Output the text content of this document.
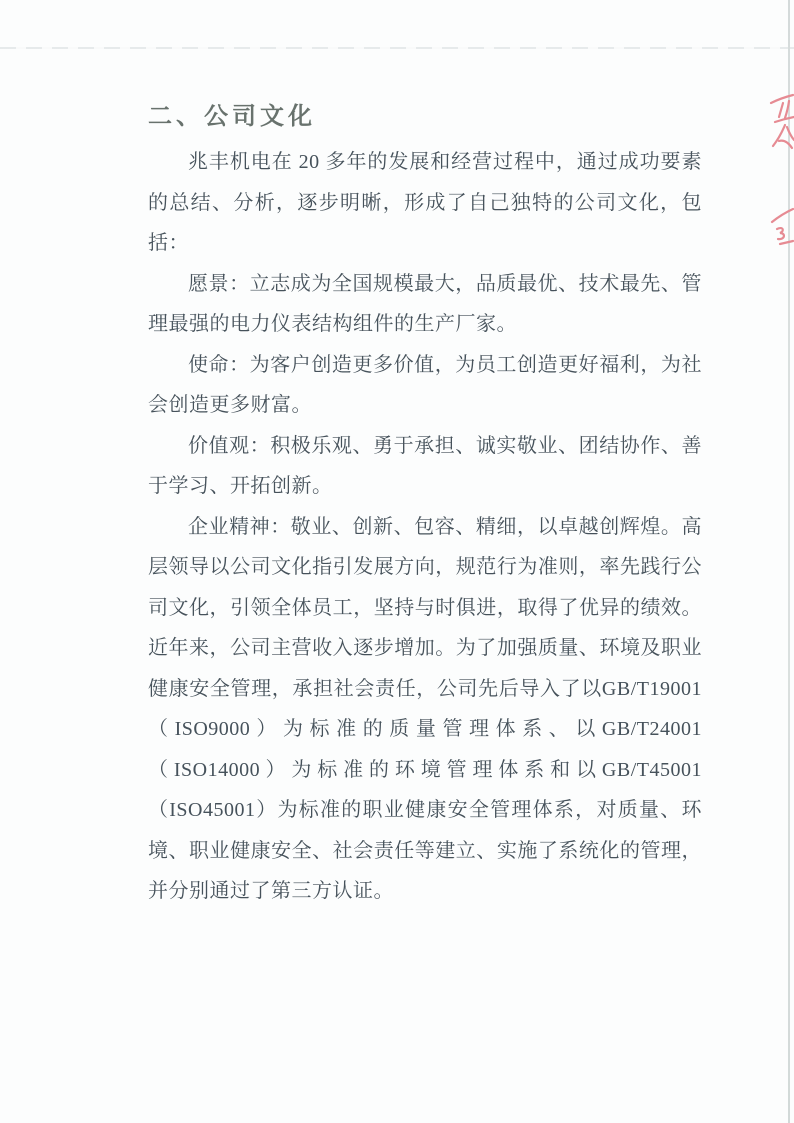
二、公司文化

兆丰机电在 20 多年的发展和经营过程中，通过成功要素的总结、分析，逐步明晰，形成了自己独特的公司文化，包括：

愿景：立志成为全国规模最大，品质最优、技术最先、管理最强的电力仪表结构组件的生产厂家。

使命：为客户创造更多价值，为员工创造更好福利，为社会创造更多财富。

价值观：积极乐观、勇于承担、诚实敬业、团结协作、善于学习、开拓创新。

企业精神：敬业、创新、包容、精细，以卓越创辉煌。高层领导以公司文化指引发展方向，规范行为准则，率先践行公司文化，引领全体员工，坚持与时俱进，取得了优异的绩效。近年来，公司主营收入逐步增加。为了加强质量、环境及职业健康安全管理，承担社会责任，公司先后导入了以GB/T19001（ISO9000）为标准的质量管理体系、以GB/T24001（ISO14000）为标准的环境管理体系和以GB/T45001（ISO45001）为标准的职业健康安全管理体系，对质量、环境、职业健康安全、社会责任等建立、实施了系统化的管理，并分别通过了第三方认证。
